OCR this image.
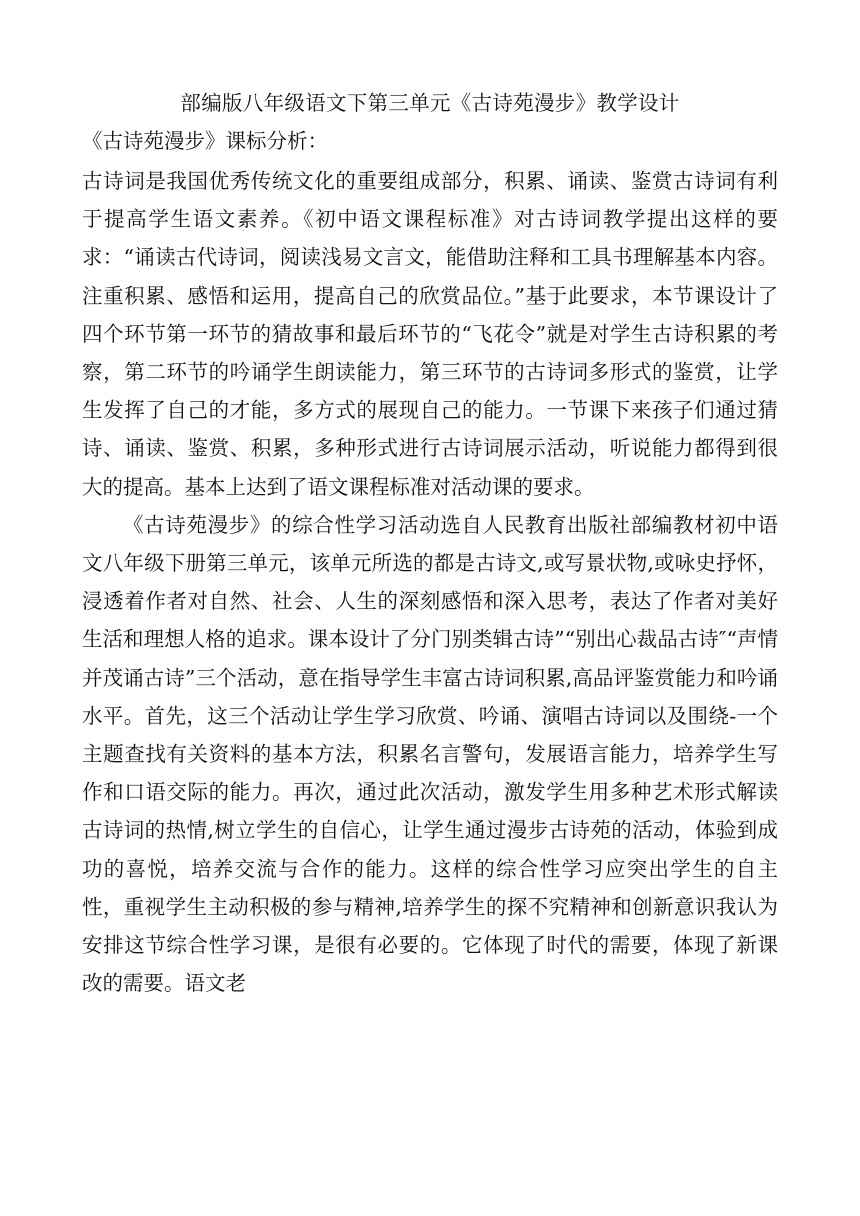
部编版八年级语文下第三单元《古诗苑漫步》教学设计

《古诗苑漫步》课标分析：

古诗词是我国优秀传统文化的重要组成部分，积累、诵读、鉴赏古诗词有利于提高学生语文素养。《初中语文课程标准》对古诗词教学提出这样的要求：“诵读古代诗词，阅读浅易文言文，能借助注释和工具书理解基本内容。注重积累、感悟和运用，提高自己的欣赏品位。”基于此要求，本节课设计了四个环节第一环节的猜故事和最后环节的“飞花令”就是对学生古诗积累的考察，第二环节的吟诵学生朗读能力，第三环节的古诗词多形式的鉴赏，让学生发挥了自己的才能，多方式的展现自己的能力。一节课下来孩子们通过猜诗、诵读、鉴赏、积累，多种形式进行古诗词展示活动，听说能力都得到很大的提高。基本上达到了语文课程标准对活动课的要求。

《古诗苑漫步》的综合性学习活动选自人民教育出版社部编教材初中语文八年级下册第三单元，该单元所选的都是古诗文,或写景状物,或咏史抒怀，浸透着作者对自然、社会、人生的深刻感悟和深入思考，表达了作者对美好生活和理想人格的追求。课本设计了分门别类辑古诗”“别出心裁品古诗″“声情并茂诵古诗”三个活动，意在指导学生丰富古诗词积累,高品评鉴赏能力和吟诵水平。首先，这三个活动让学生学习欣赏、吟诵、演唱古诗词以及围绕-一个主题查找有关资料的基本方法，积累名言警句，发展语言能力，培养学生写作和口语交际的能力。再次，通过此次活动，激发学生用多种艺术形式解读古诗词的热情,树立学生的自信心，让学生通过漫步古诗苑的活动，体验到成功的喜悦，培养交流与合作的能力。这样的综合性学习应突出学生的自主性，重视学生主动积极的参与精神,培养学生的探不究精神和创新意识我认为安排这节综合性学习课，是很有必要的。它体现了时代的需要，体现了新课改的需要。语文老
